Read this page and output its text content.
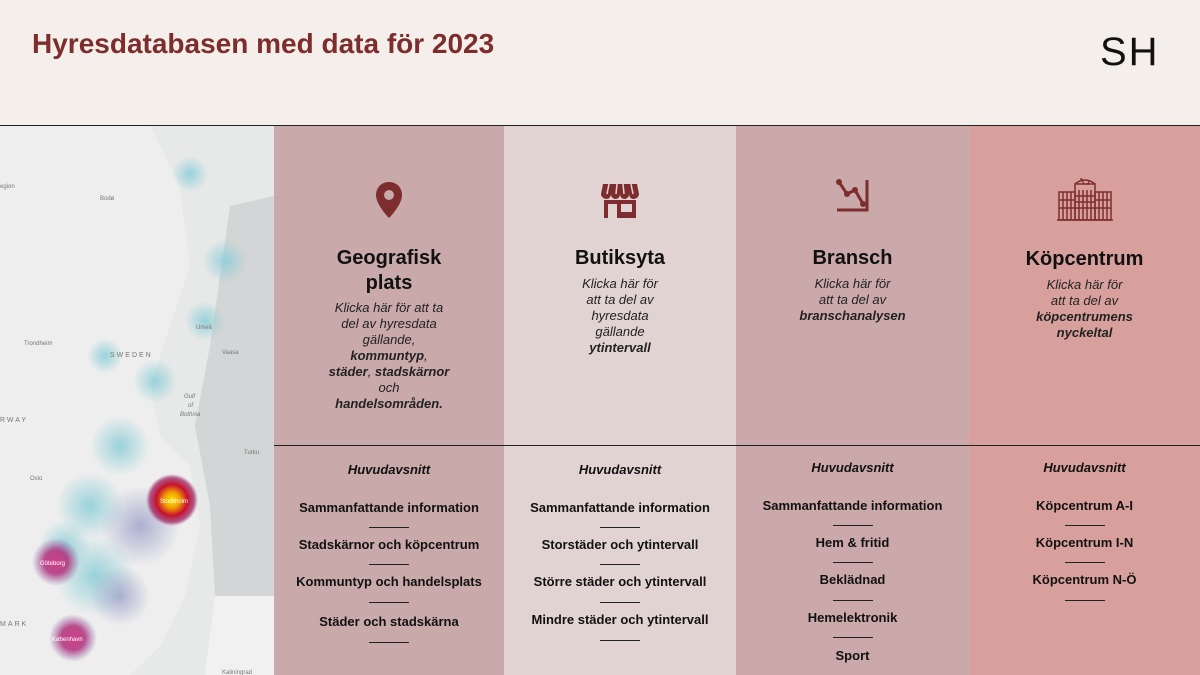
Hyresdatabasen med data för 2023	SH
egion
Bodø
SWEDEN
RWAY
Umeå
Vaasa
Trondheim
Gulf
of
Bothnia
Oslo
Turku
Stockholm
Göteborg
København
MARK
Kaliningrad
Geografisk
plats
Klicka här för att ta
del av hyresdata
gällande,
kommuntyp,
städer, stadskärnor
och
handelsområden.
Huvudavsnitt
Sammanfattande information
Stadskärnor och köpcentrum
Kommuntyp och handelsplats
Städer och stadskärna
Butiksyta
Klicka här för
att ta del av
hyresdata
gällande
ytintervall
Huvudavsnitt
Sammanfattande information
Storstäder och ytintervall
Större städer och ytintervall
Mindre städer och ytintervall
Bransch
Klicka här för
att ta del av
branschanalysen
Huvudavsnitt
Sammanfattande information
Hem & fritid
Beklädnad
Hemelektronik
Sport
Köpcentrum
Klicka här för
att ta del av
köpcentrumens
nyckeltal
Huvudavsnitt
Köpcentrum A-I
Köpcentrum I-N
Köpcentrum N-Ö
